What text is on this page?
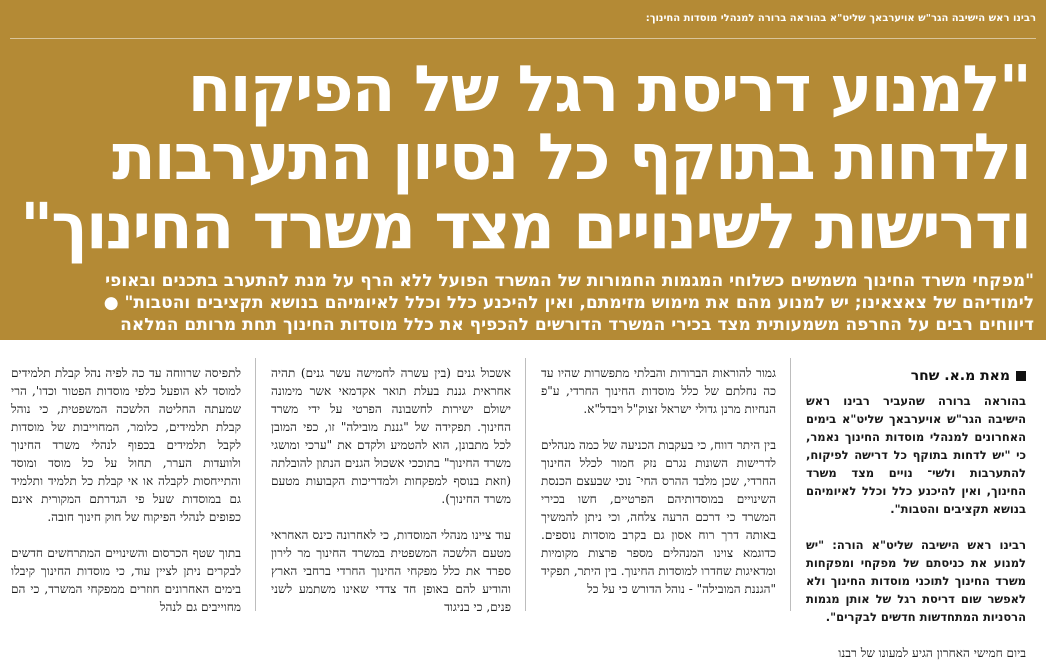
רבינו ראש הישיבה הגר"ש אויערבאך שליט"א בהוראה ברורה למנהלי מוסדות החינוך:
"למנוע דריסת רגל של הפיקוח
ולדחות בתוקף כל נסיון התערבות
ודרישות לשינויים מצד משרד החינוך"
"מפקחי משרד החינוך משמשים כשלוחי המגמות החמורות של המשרד הפועל ללא הרף על מנת להתערב בתכנים ובאופי
לימודיהם של צאצאינו; יש למנוע מהם את מימוש מזימתם, ואין להיכנע כלל וכלל לאיומיהם בנושא תקציבים והטבות" ●
דיווחים רבים על החרפה משמעותית מצד בכירי המשרד הדורשים להכפיף את כלל מוסדות החינוך תחת מרותם המלאה

בהוראה ברורה שהעביר רבינו ראש הישיבה הגר"ש אויערבאך שליט"א בימים האחרונים למנהלי מוסדות החינוך נאמר, כי "יש לדחות בתוקף כל דרישה לפיקוח, להתערבות ולשי־ נויים מצד משרד החינוך, ואין להיכנע כלל וכלל לאיומיהם בנושא תקציבים והטבות".

רבינו ראש הישיבה שליט"א הורה: "יש למנוע את כניסתם של מפקחי ומפקחות משרד החינוך לתוכני מוסדות החינוך ולא לאפשר שום דריסת רגל של אותן מגמות הרסניות המתחדשות חדשים לבקרים".

ביום חמישי האחרון הגיע למעונו של רבנו

מאת מ.א. שחר

גמור להוראות הברורות והבלתי מתפשרות שהיו עד כה נחלתם של כלל מוסדות החינוך החרדי, ע"פ הנחיות מרנן גדולי ישראל זצוק"ל ויבדל"א.

בין היתר דווח, כי בעקבות הכניעה של כמה מנהלים לדרישות השונות נגרם נזק חמור לכלל החינוך החרדי, שכן מלבד ההרס החי־ נוכי שבעצם הכנסת השינויים במוסדותיהם הפרטיים, חשו בכירי המשרד כי דרכם הרעה צלחה, וכי ניתן להמשיך באותה דרך רוח אסון גם בקרב מוסדות נוספים. כדוגמא צוינו המנהלים מספר פרצות מקומיות ומדאיגות שחדרו למוסדות החינוך. בין היתר, תפקיד "הגננת המובילה" - נוהל הדורש כי על כל

אשכול גנים (בין עשרה לחמישה עשר גנים) תהיה אחראית גננת בעלת תואר אקדמאי אשר מימונה ישולם ישירות לחשבונה הפרטי על ידי משרד החינוך. תפקידה של "גננת מובילה" זו, כפי המובן לכל מתבונן, הוא להטמיע ולקדם את "ערכי ומושגי משרד החינוך" בתוככי אשכול הגנים הנתון להובלתה (וזאת בנוסף למפקחות ולמדריכות הקבועות מטעם משרד החינוך).

עוד ציינו מנהלי המוסדות, כי לאחרונה כינס האחראי מטעם הלשכה המשפטית במשרד החינוך מר לירון ספרד את כלל מפקחי החינוך החרדי ברחבי הארץ והודיע להם באופן חד צדדי שאינו משתמע לשני פנים, כי בניגוד

לתפיסה שרווחה עד כה לפיה נהל קבלת תלמידים למוסד לא הופעל כלפי מוסדות הפטור וכדו', הרי שמעתה החליטה הלשכה המשפטית, כי נוהל קבלת תלמידים, כלומר, המחוייבות של מוסדות לקבל תלמידים בכפוף לנהלי משרד החינוך ולוועדות הערר, תחול על כל מוסד ומוסד והתייחסות לקבלה או אי קבלת כל תלמיד ותלמיד גם במוסדות שעל פי הגדרתם המקורית אינם כפופים לנהלי הפיקוח של חוק חינוך חובה.

בתוך שטף הכרסום והשינויים המתרחשים חדשים לבקרים ניתן לציין עוד, כי מוסדות החינוך קיבלו בימים האחרונים חוזרים ממפקחי המשרד, כי הם מחוייבים גם לנהל
